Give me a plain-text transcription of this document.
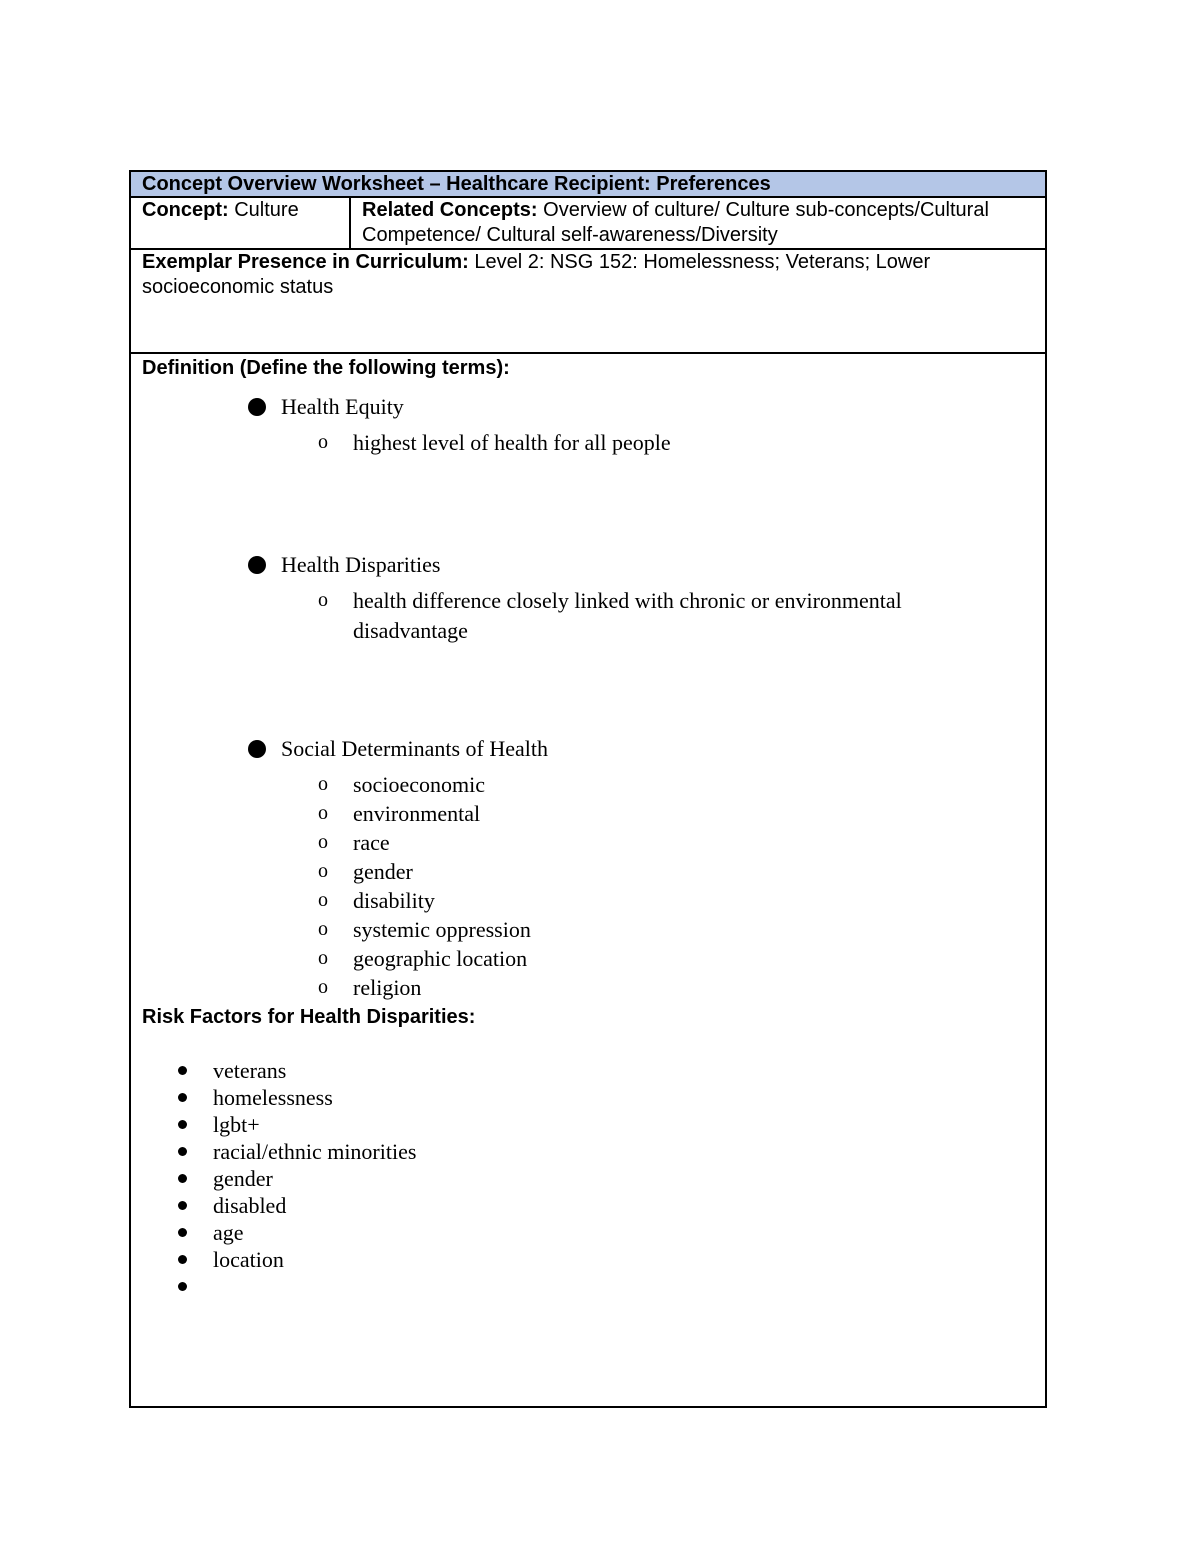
Concept Overview Worksheet – Healthcare Recipient: Preferences
Concept: Culture	Related Concepts: Overview of culture/ Culture sub-concepts/Cultural Competence/ Cultural self-awareness/Diversity
Exemplar Presence in Curriculum: Level 2: NSG 152: Homelessness; Veterans; Lower socioeconomic status
Definition (Define the following terms):
Health Equity
o highest level of health for all people
Health Disparities
o health difference closely linked with chronic or environmental disadvantage
Social Determinants of Health
o socioeconomic
o environmental
o race
o gender
o disability
o systemic oppression
o geographic location
o religion
Risk Factors for Health Disparities:
veterans
homelessness
lgbt+
racial/ethnic minorities
gender
disabled
age
location
